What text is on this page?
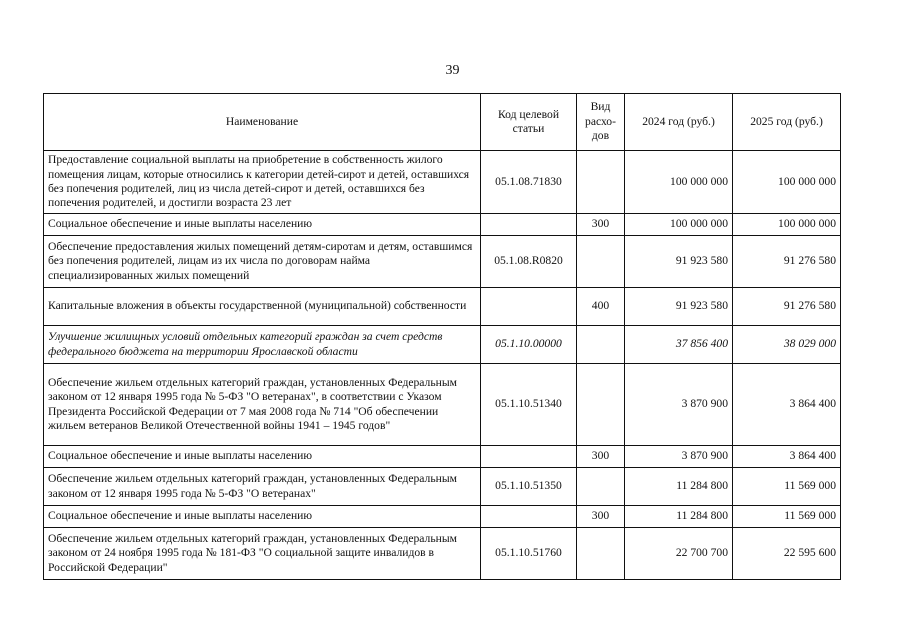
39
Наименование	Код целевой статьи	Вид расхо-дов	2024 год (руб.)	2025 год (руб.)
Предоставление социальной выплаты на приобретение в собственность жилого помещения лицам, которые относились к категории детей-сирот и детей, оставшихся без попечения родителей, лиц из числа детей-сирот и детей, оставшихся без попечения родителей, и достигли возраста 23 лет	05.1.08.71830		100 000 000	100 000 000
Социальное обеспечение и иные выплаты населению		300	100 000 000	100 000 000
Обеспечение предоставления жилых помещений детям-сиротам и детям, оставшимся без попечения родителей, лицам из их числа по договорам найма специализированных жилых помещений	05.1.08.R0820		91 923 580	91 276 580
Капитальные вложения в объекты государственной (муниципальной) собственности		400	91 923 580	91 276 580
Улучшение жилищных условий отдельных категорий граждан за счет средств федерального бюджета на территории Ярославской области	05.1.10.00000		37 856 400	38 029 000
Обеспечение жильем отдельных категорий граждан, установленных Федеральным законом от 12 января 1995 года № 5-ФЗ "О ветеранах", в соответствии с Указом Президента Российской Федерации от 7 мая 2008 года № 714 "Об обеспечении жильем ветеранов Великой Отечественной войны 1941 – 1945 годов"	05.1.10.51340		3 870 900	3 864 400
Социальное обеспечение и иные выплаты населению		300	3 870 900	3 864 400
Обеспечение жильем отдельных категорий граждан, установленных Федеральным законом от 12 января 1995 года № 5-ФЗ "О ветеранах"	05.1.10.51350		11 284 800	11 569 000
Социальное обеспечение и иные выплаты населению		300	11 284 800	11 569 000
Обеспечение жильем отдельных категорий граждан, установленных Федеральным законом от 24 ноября 1995 года № 181-ФЗ "О социальной защите инвалидов в Российской Федерации"	05.1.10.51760		22 700 700	22 595 600
